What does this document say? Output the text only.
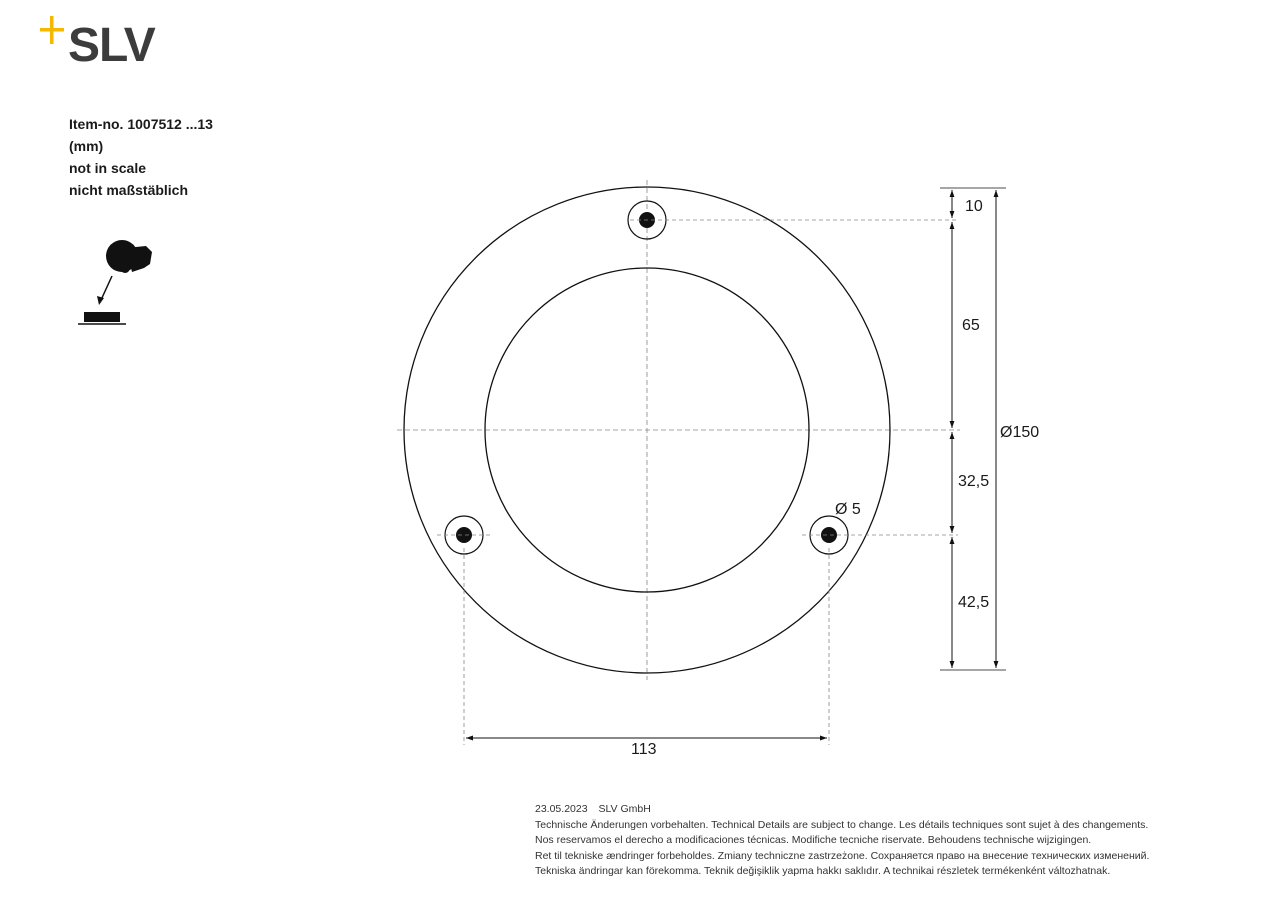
SLV
Item-no. 1007512 ...13
(mm)
not in scale
nicht maßstäblich
10
65
32,5
42,5
Ø150
Ø 5
113
23.05.2023 SLV GmbH
Technische Änderungen vorbehalten. Technical Details are subject to change. Les détails techniques sont sujet à des changements.
Nos reservamos el derecho a modificaciones técnicas. Modifiche tecniche riservate. Behoudens technische wijzigingen.
Ret til tekniske ændringer forbeholdes. Zmiany techniczne zastrzeżone. Сохраняется право на внесение технических изменений.
Tekniska ändringar kan förekomma. Teknik değişiklik yapma hakkı saklıdır. A technikai részletek termékenként változhatnak.
